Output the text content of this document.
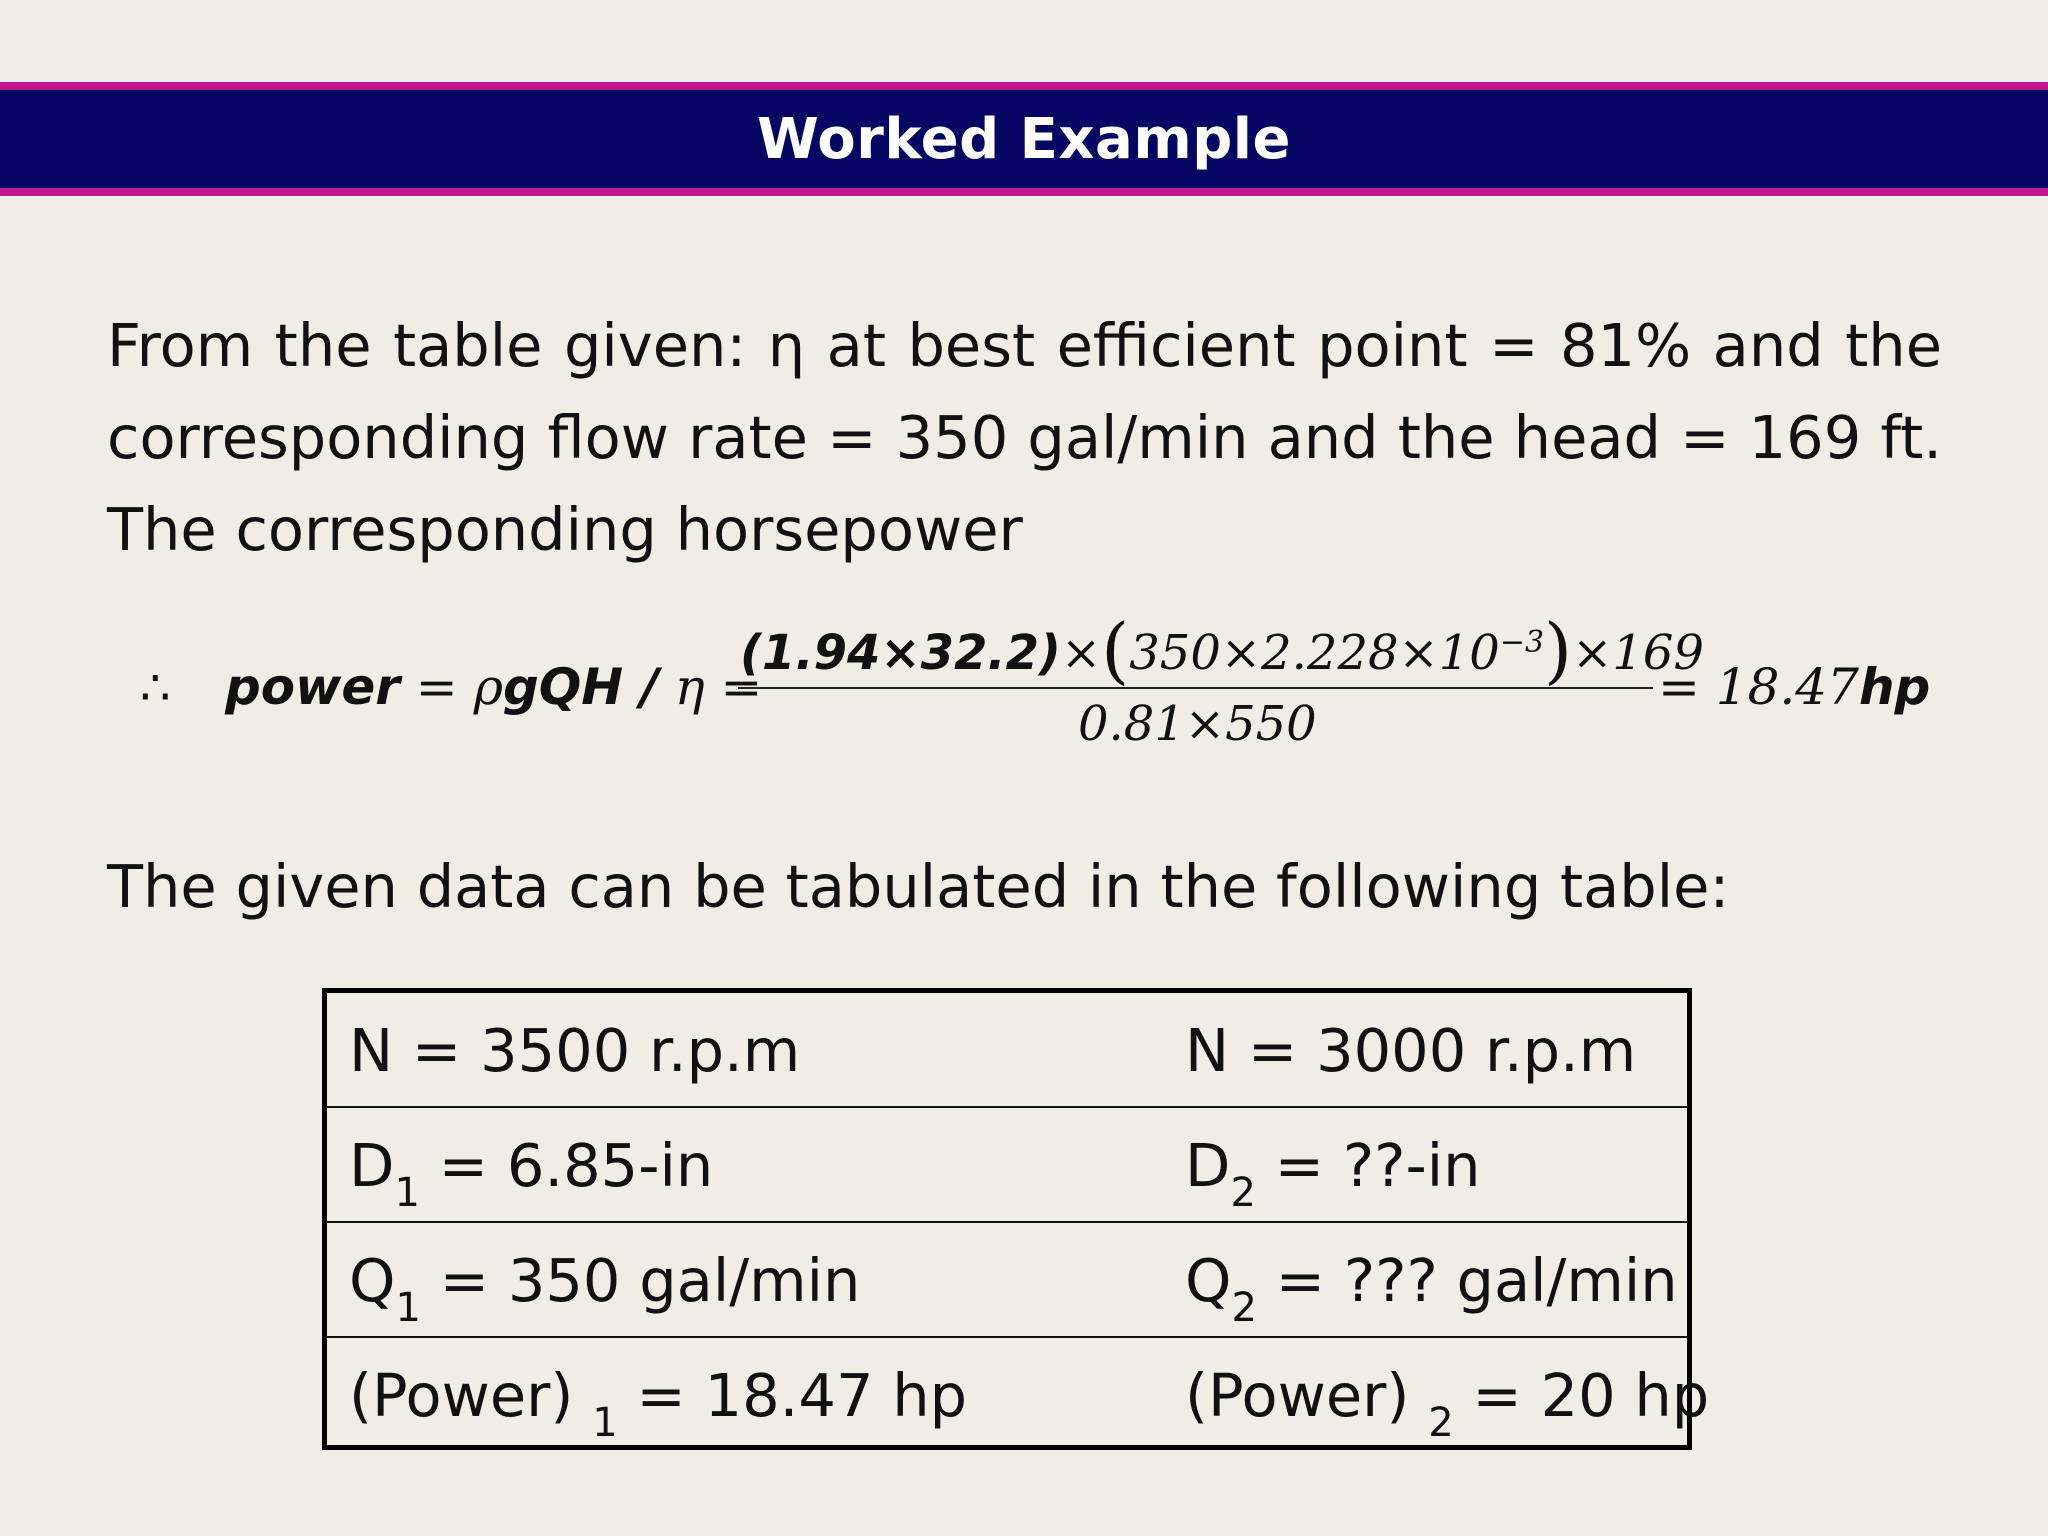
Worked Example
From the table given: η at best efficient point = 81% and the corresponding flow rate = 350 gal/min and the head = 169 ft. The corresponding horsepower
∴ power = ρgQH / η =
$(1.94\times 32.2)\times(350\times 2.228\times 10^{-3})\times 169$
0.81×550
= 18.47hp
The given data can be tabulated in the following table:
N = 3500 r.p.m	N = 3000 r.p.m
$D_1 = 6.85-in$	$D_2$ = ??-in
$Q_1 = 350$ gal/min	$Q_2$ = ??? gal/min
(Power) $_1$ = 18.47 hp	(Power) $_2$ = 20 hp
